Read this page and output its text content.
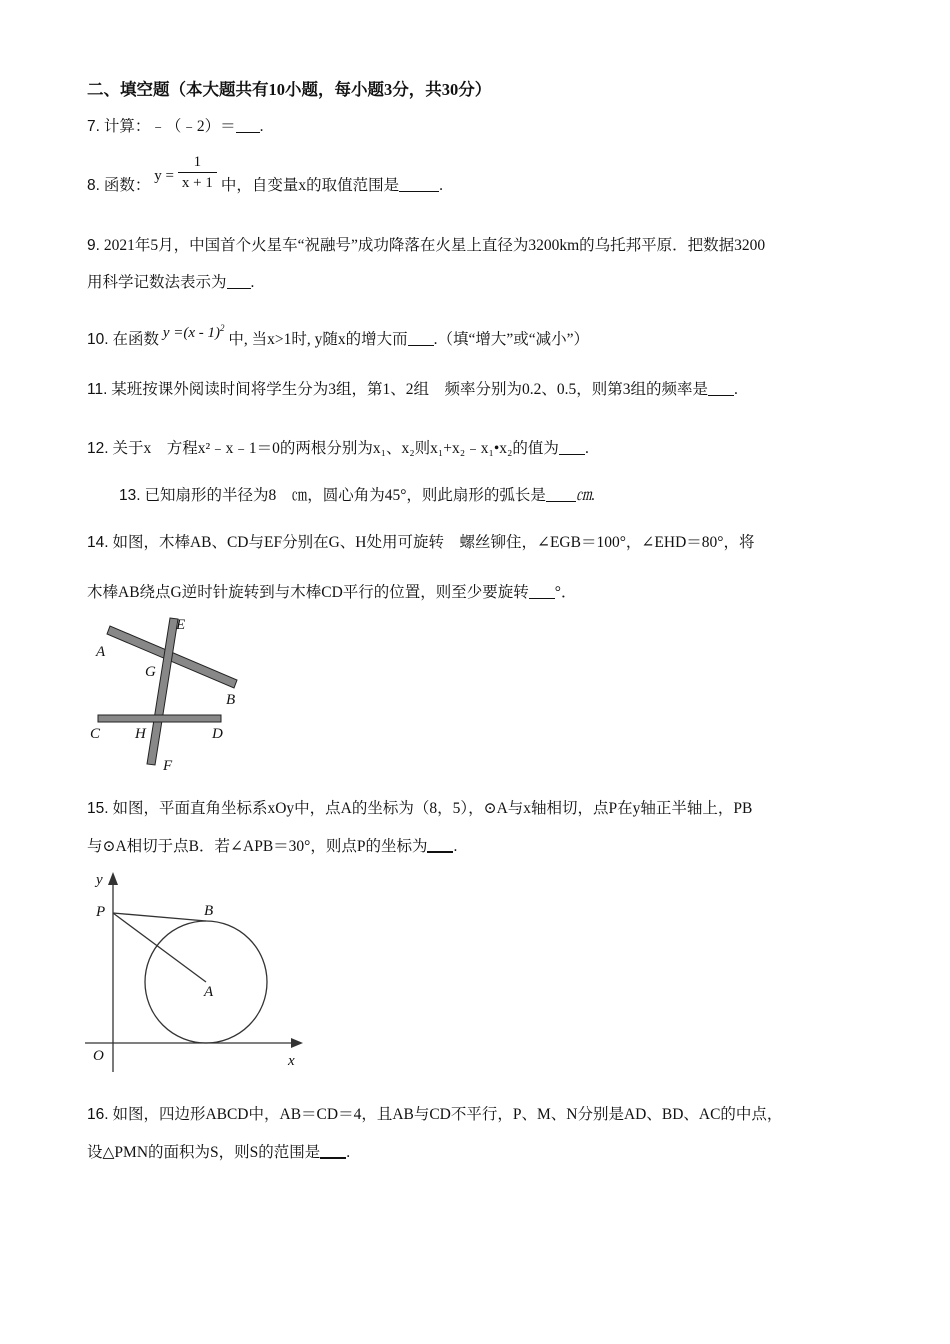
二、填空题（本大题共有10小题，每小题3分，共30分）
7. 计算：﹣（﹣2）＝ .
8. 函数： $y = \frac{1}{x + 1}$ 中，自变量x的取值范围是	.
9. 2021年5月，中国首个火星车“祝融号”成功降落在火星上直径为3200km的乌托邦平原．把数据3200
用科学记数法表示为 .
10. 在函数 y =(x - 1)$^2$ 中, 当x>1时, y随x的增大而 .（填“增大”或“减小”）
11. 某班按课外阅读时间将学生分为3组，第1、2组　频率分别为0.2、0.5，则第3组的频率是 .
12. 关于x　方程x²﹣x﹣1＝0的两根分别为x₁、x₂则x₁+x₂﹣x₁•x₂的值为 .
13. 已知扇形的半径为8　㎝，圆心角为45°，则此扇形的弧长是 ㎝.
14. 如图，木棒AB、CD与EF分别在G、H处用可旋转　螺丝铆住，∠EGB＝100°，∠EHD＝80°，将
木棒AB绕点G逆时针旋转到与木棒CD平行的位置，则至少要旋转 °．
E
A
G
B
C H	D
F
15. 如图，平面直角坐标系xOy中，点A的坐标为（8，5），⊙A与x轴相切，点P在y轴正半轴上，PB
与⊙A相切于点B．若∠APB＝30°，则点P的坐标为 .
y
P	B
A
O	x
16. 如图，四边形ABCD中，AB＝CD＝4，且AB与CD不平行，P、M、N分别是AD、BD、AC的中点，
设△PMN的面积为S，则S的范围是 .
